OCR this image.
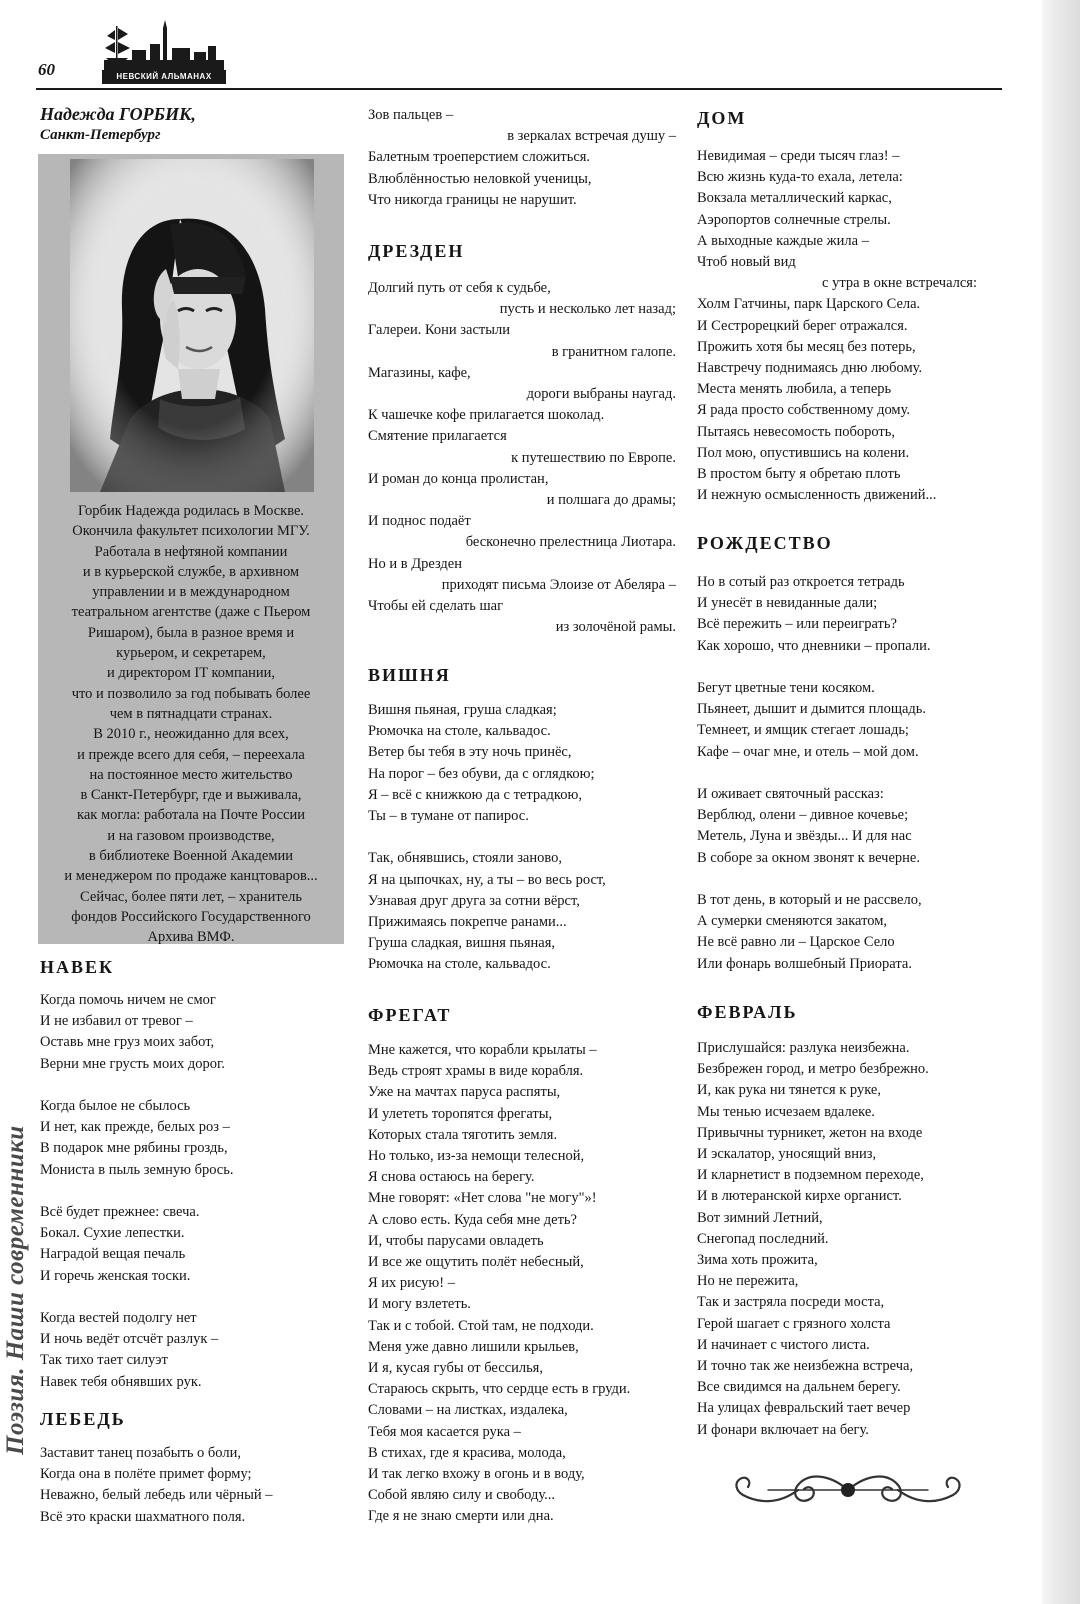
60	НЕВСКИЙ АЛЬМАНАХ
Поэзия. Наши современники
Надежда ГОРБИК,
Санкт-Петербург
Горбик Надежда родилась в Москве.
Окончила факультет психологии МГУ.
Работала в нефтяной компании
и в курьерской службе, в архивном
управлении и в международном
театральном агентстве (даже с Пьером
Ришаром), была в разное время и
курьером, и секретарем,
и директором IT компании,
что и позволило за год побывать более
чем в пятнадцати странах.
В 2010 г., неожиданно для всех,
и прежде всего для себя, – переехала
на постоянное место жительство
в Санкт-Петербург, где и выживала,
как могла: работала на Почте России
и на газовом производстве,
в библиотеке Военной Академии
и менеджером по продаже канцтоваров...
Сейчас, более пяти лет, – хранитель
фондов Российского Государственного
Архива ВМФ.
НАВЕК
Когда помочь ничем не смог
И не избавил от тревог –
Оставь мне груз моих забот,
Верни мне грусть моих дорог.
Когда былое не сбылось
И нет, как прежде, белых роз –
В подарок мне рябины гроздь,
Мониста в пыль земную брось.
Всё будет прежнее: свеча.
Бокал. Сухие лепестки.
Наградой вещая печаль
И горечь женская тоски.
Когда вестей подолгу нет
И ночь ведёт отсчёт разлук –
Так тихо тает силуэт
Навек тебя обнявших рук.
ЛЕБЕДЬ
Заставит танец позабыть о боли,
Когда она в полёте примет форму;
Неважно, белый лебедь или чёрный –
Всё это краски шахматного поля.
Зов пальцев –
в зеркалах встречая душу –
Балетным троеперстием сложиться.
Влюблённостью неловкой ученицы,
Что никогда границы не нарушит.
ДРЕЗДЕН
Долгий путь от себя к судьбе,
пусть и несколько лет назад;
Галереи. Кони застыли
в гранитном галопе.
Магазины, кафе,
дороги выбраны наугад.
К чашечке кофе прилагается шоколад.
Смятение прилагается
к путешествию по Европе.
И роман до конца пролистан,
и полшага до драмы;
И поднос подаёт
бесконечно прелестница Лиотара.
Но и в Дрезден
приходят письма Элоизе от Абеляра –
Чтобы ей сделать шаг
из золочёной рамы.
ВИШНЯ
Вишня пьяная, груша сладкая;
Рюмочка на столе, кальвадос.
Ветер бы тебя в эту ночь принёс,
На порог – без обуви, да с оглядкою;
Я – всё с книжкою да с тетрадкою,
Ты – в тумане от папирос.
Так, обнявшись, стояли заново,
Я на цыпочках, ну, а ты – во весь рост,
Узнавая друг друга за сотни вёрст,
Прижимаясь покрепче ранами...
Груша сладкая, вишня пьяная,
Рюмочка на столе, кальвадос.
ФРЕГАТ
Мне кажется, что корабли крылаты –
Ведь строят храмы в виде корабля.
Уже на мачтах паруса распяты,
И улететь торопятся фрегаты,
Которых стала тяготить земля.
Но только, из-за немощи телесной,
Я снова остаюсь на берегу.
Мне говорят: «Нет слова "не могу"»!
А слово есть. Куда себя мне деть?
И, чтобы парусами овладеть
И все же ощутить полёт небесный,
Я их рисую! –
И могу взлететь.
Так и с тобой. Стой там, не подходи.
Меня уже давно лишили крыльев,
И я, кусая губы от бессилья,
Стараюсь скрыть, что сердце есть в груди.
Словами – на листках, издалека,
Тебя моя касается рука –
В стихах, где я красива, молода,
И так легко вхожу в огонь и в воду,
Собой являю силу и свободу...
Где я не знаю смерти или дна.
ДОМ
Невидимая – среди тысяч глаз! –
Всю жизнь куда-то ехала, летела:
Вокзала металлический каркас,
Аэропортов солнечные стрелы.
А выходные каждые жила –
Чтоб новый вид
с утра в окне встречался:
Холм Гатчины, парк Царского Села.
И Сестрорецкий берег отражался.
Прожить хотя бы месяц без потерь,
Навстречу поднимаясь дню любому.
Места менять любила, а теперь
Я рада просто собственному дому.
Пытаясь невесомость побороть,
Пол мою, опустившись на колени.
В простом быту я обретаю плоть
И нежную осмысленность движений...
РОЖДЕСТВО
Но в сотый раз откроется тетрадь
И унесёт в невиданные дали;
Всё пережить – или переиграть?
Как хорошо, что дневники – пропали.
Бегут цветные тени косяком.
Пьянеет, дышит и дымится площадь.
Темнеет, и ямщик стегает лошадь;
Кафе – очаг мне, и отель – мой дом.
И оживает святочный рассказ:
Верблюд, олени – дивное кочевье;
Метель, Луна и звёзды... И для нас
В соборе за окном звонят к вечерне.
В тот день, в который и не рассвело,
А сумерки сменяются закатом,
Не всё равно ли – Царское Село
Или фонарь волшебный Приората.
ФЕВРАЛЬ
Прислушайся: разлука неизбежна.
Безбрежен город, и метро безбрежно.
И, как рука ни тянется к руке,
Мы тенью исчезаем вдалеке.
Привычны турникет, жетон на входе
И эскалатор, уносящий вниз,
И кларнетист в подземном переходе,
И в лютеранской кирхе органист.
Вот зимний Летний,
Снегопад последний.
Зима хоть прожита,
Но не пережита,
Так и застряла посреди моста,
Герой шагает с грязного холста
И начинает с чистого листа.
И точно так же неизбежна встреча,
Все свидимся на дальнем берегу.
На улицах февральский тает вечер
И фонари включает на бегу.
